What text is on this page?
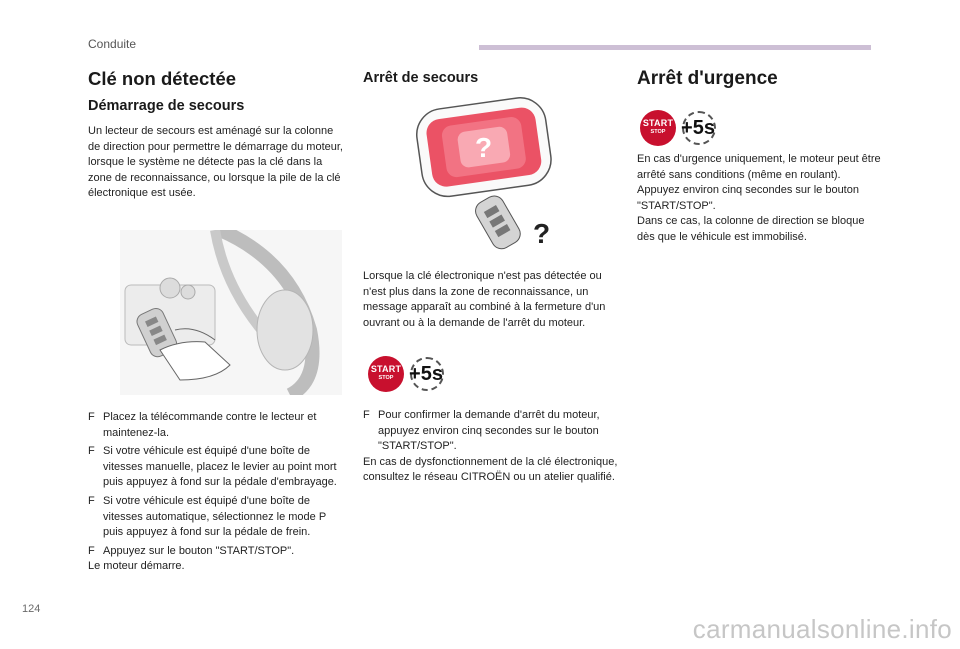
Conduite
Clé non détectée
Démarrage de secours

Un lecteur de secours est aménagé sur la colonne de direction pour permettre le démarrage du moteur, lorsque le système ne détecte pas la clé dans la zone de reconnaissance, ou lorsque la pile de la clé électronique est usée.

F Placez la télécommande contre le lecteur et maintenez-la.
F Si votre véhicule est équipé d'une boîte de vitesses manuelle, placez le levier au point mort puis appuyez à fond sur la pédale d'embrayage.
F Si votre véhicule est équipé d'une boîte de vitesses automatique, sélectionnez le mode P puis appuyez à fond sur la pédale de frein.
F Appuyez sur le bouton "START/STOP".

Le moteur démarre.

Arrêt de secours
?
?

Lorsque la clé électronique n'est pas détectée ou n'est plus dans la zone de reconnaissance, un message apparaît au combiné à la fermeture d'un ouvrant ou à la demande de l'arrêt du moteur.

START
STOP +5s
F Pour confirmer la demande d'arrêt du moteur, appuyez environ cinq secondes sur le bouton "START/STOP".

En cas de dysfonctionnement de la clé électronique, consultez le réseau CITROËN ou un atelier qualifié.

Arrêt d'urgence
START
STOP +5s

En cas d'urgence uniquement, le moteur peut être arrêté sans conditions (même en roulant). Appuyez environ cinq secondes sur le bouton "START/STOP".

Dans ce cas, la colonne de direction se bloque dès que le véhicule est immobilisé.

124
carmanualsonline.info
